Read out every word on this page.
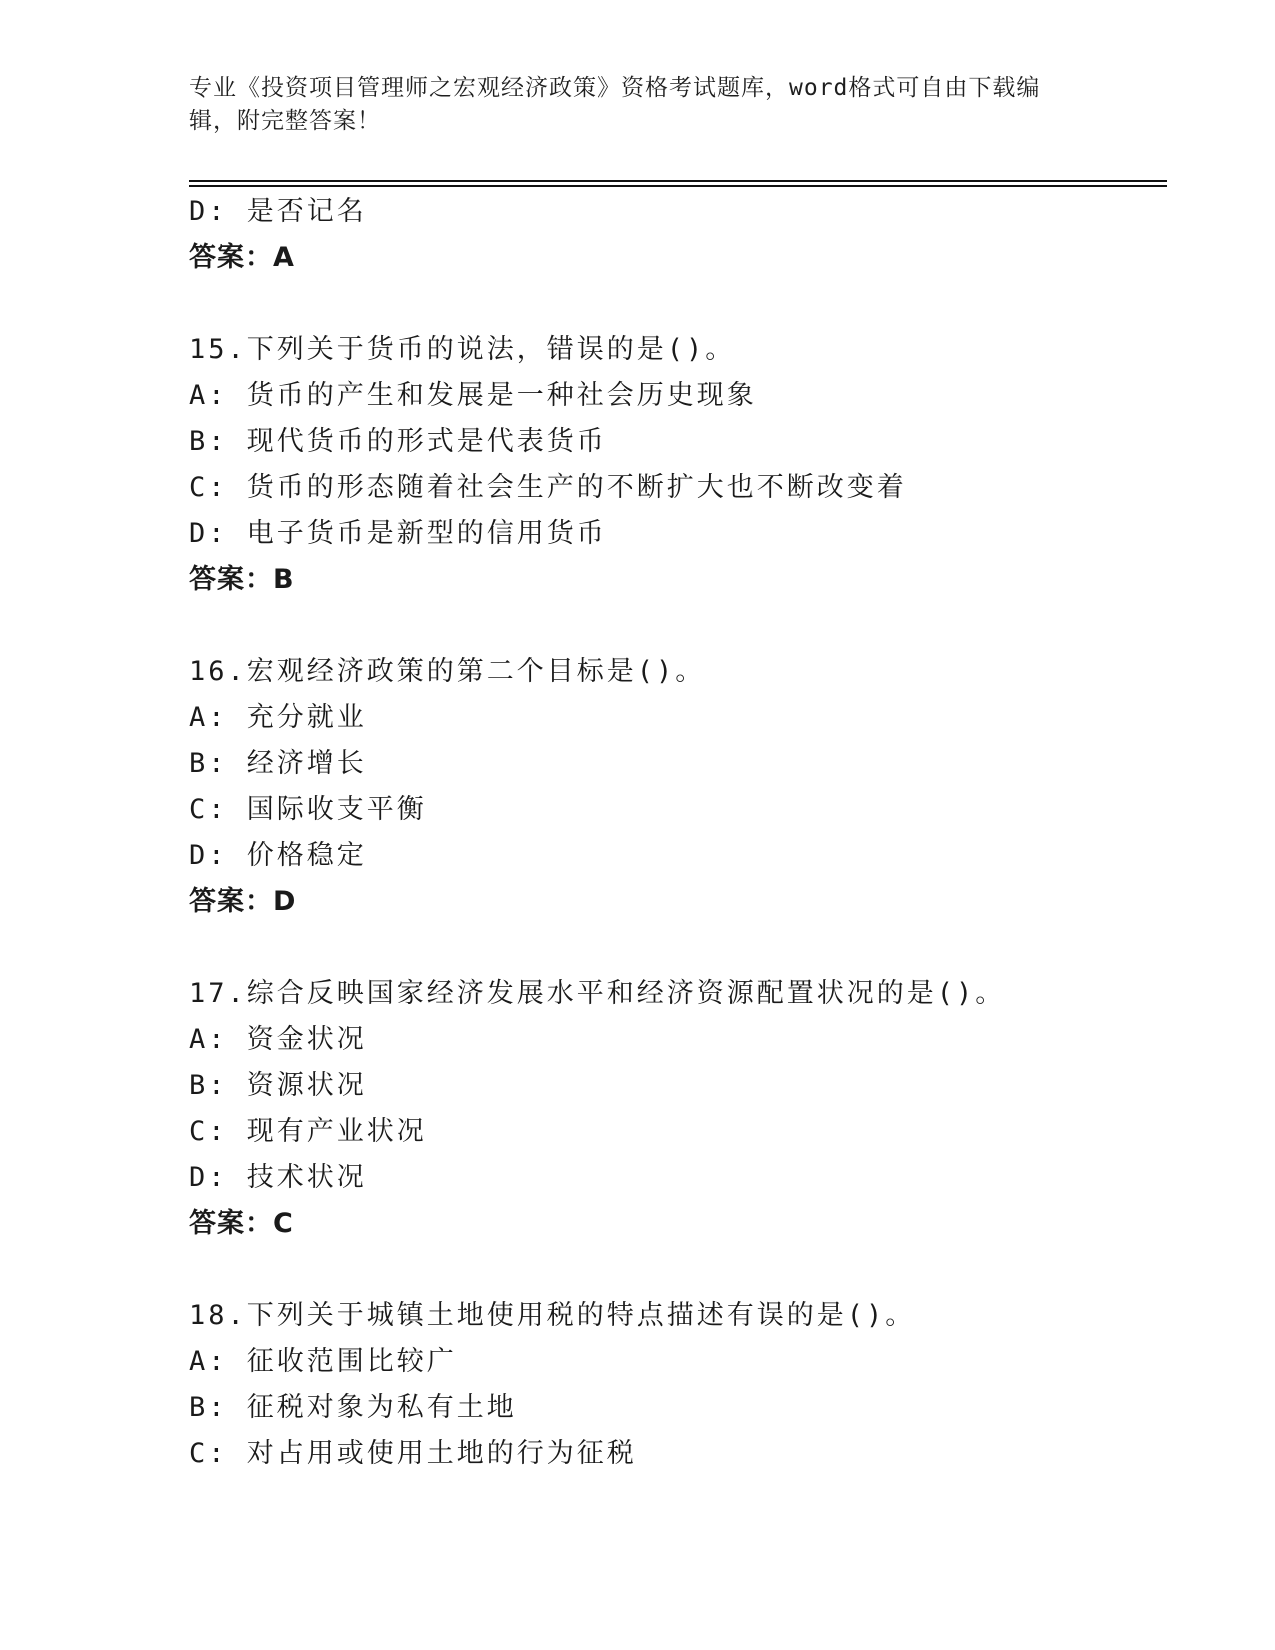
专业《投资项目管理师之宏观经济政策》资格考试题库，word格式可自由下载编
辑，附完整答案！
D: 是否记名
答案：A
15.下列关于货币的说法，错误的是()。
A: 货币的产生和发展是一种社会历史现象
B: 现代货币的形式是代表货币
C: 货币的形态随着社会生产的不断扩大也不断改变着
D: 电子货币是新型的信用货币
答案：B
16.宏观经济政策的第二个目标是()。
A: 充分就业
B: 经济增长
C: 国际收支平衡
D: 价格稳定
答案：D
17.综合反映国家经济发展水平和经济资源配置状况的是()。
A: 资金状况
B: 资源状况
C: 现有产业状况
D: 技术状况
答案：C
18.下列关于城镇土地使用税的特点描述有误的是()。
A: 征收范围比较广
B: 征税对象为私有土地
C: 对占用或使用土地的行为征税
